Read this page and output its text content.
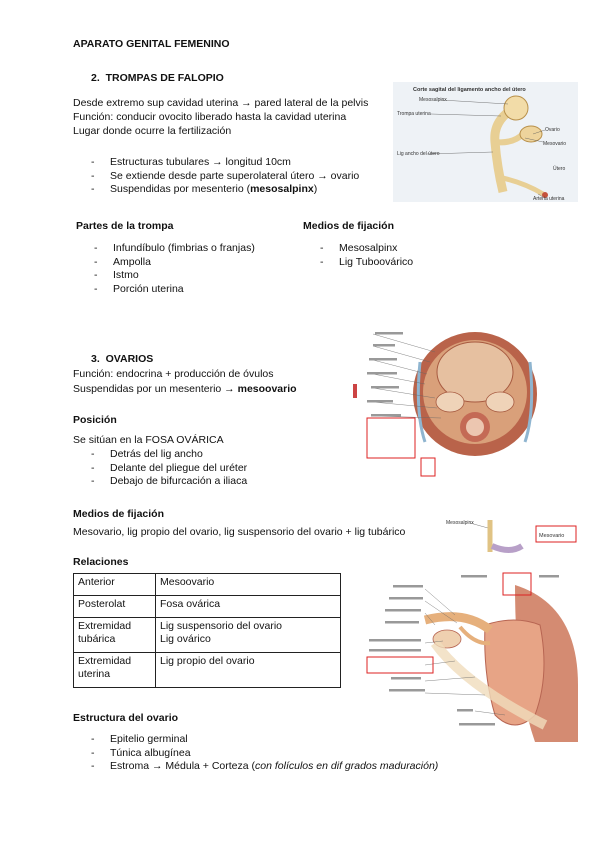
APARATO GENITAL FEMENINO
2. TROMPAS DE FALOPIO
Desde extremo sup cavidad uterina → pared lateral de la pelvis
Función: conducir ovocito liberado hasta la cavidad uterina
Lugar donde ocurre la fertilización
- Estructuras tubulares → longitud 10cm
- Se extiende desde parte superolateral útero → ovario
- Suspendidas por mesenterio (mesosalpinx)
Partes de la trompa
- Infundíbulo (fimbrias o franjas)
- Ampolla
- Istmo
- Porción uterina
Medios de fijación
- Mesosalpinx
- Lig Tuboovárico
3. OVARIOS
Función: endocrina + producción de óvulos
Suspendidas por un mesenterio → mesoovario
Posición
Se sitúan en la FOSA OVÁRICA
- Detrás del lig ancho
- Delante del pliegue del uréter
- Debajo de bifurcación a iliaca
Medios de fijación
Mesovario, lig propio del ovario, lig suspensorio del ovario + lig tubárico
Relaciones
Anterior	Mesoovario
Posterolat	Fosa ovárica
Extremidad tubárica	Lig suspensorio del ovario
Lig ovárico
Extremidad uterina	Lig propio del ovario
Estructura del ovario
- Epitelio germinal
- Túnica albugínea
- Estroma → Médula + Corteza (con folículos en dif grados maduración)
Corte sagital del ligamento ancho del útero
Mesosalpinx
Trompa uterina
Ovario
Mesovario
Lig ancho del útero
Útero
Arteria uterina
Mesosalpinx
Mesovario
